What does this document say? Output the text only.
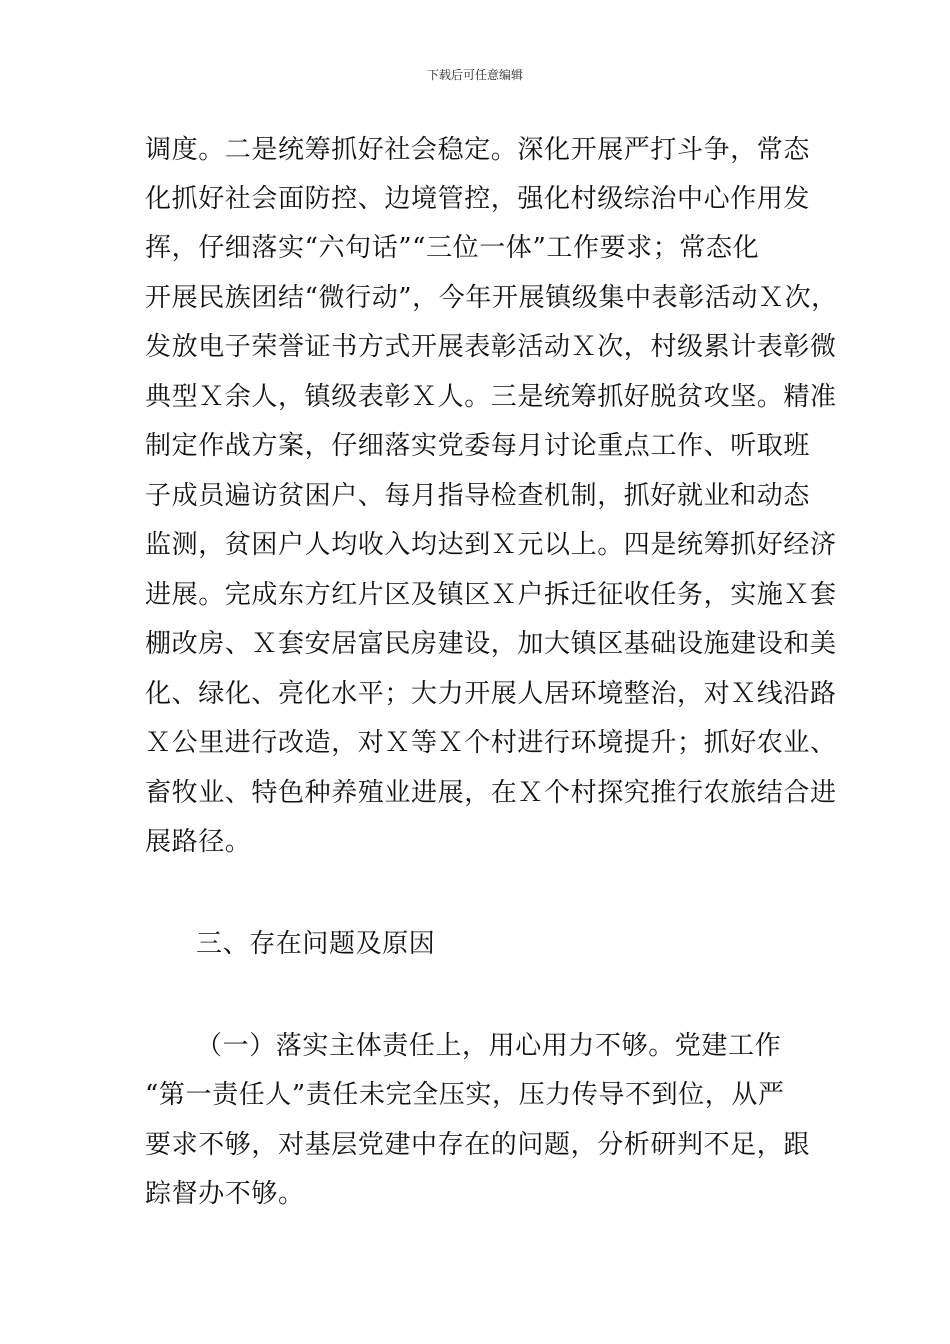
下载后可任意编辑
调度。二是统筹抓好社会稳定。深化开展严打斗争，常态
化抓好社会面防控、边境管控，强化村级综治中心作用发
挥，仔细落实“六句话”“三位一体”工作要求；常态化
开展民族团结“微行动”，今年开展镇级集中表彰活动Ｘ次，
发放电子荣誉证书方式开展表彰活动Ｘ次，村级累计表彰微
典型Ｘ余人，镇级表彰Ｘ人。三是统筹抓好脱贫攻坚。精准
制定作战方案，仔细落实党委每月讨论重点工作、听取班
子成员遍访贫困户、每月指导检查机制，抓好就业和动态
监测，贫困户人均收入均达到Ｘ元以上。四是统筹抓好经济
进展。完成东方红片区及镇区Ｘ户拆迁征收任务，实施Ｘ套
棚改房、Ｘ套安居富民房建设，加大镇区基础设施建设和美
化、绿化、亮化水平；大力开展人居环境整治，对Ｘ线沿路
Ｘ公里进行改造，对Ｘ等Ｘ个村进行环境提升；抓好农业、
畜牧业、特色种养殖业进展，在Ｘ个村探究推行农旅结合进
展路径。
三、存在问题及原因
（一）落实主体责任上，用心用力不够。党建工作
“第一责任人”责任未完全压实，压力传导不到位，从严
要求不够，对基层党建中存在的问题，分析研判不足，跟
踪督办不够。
